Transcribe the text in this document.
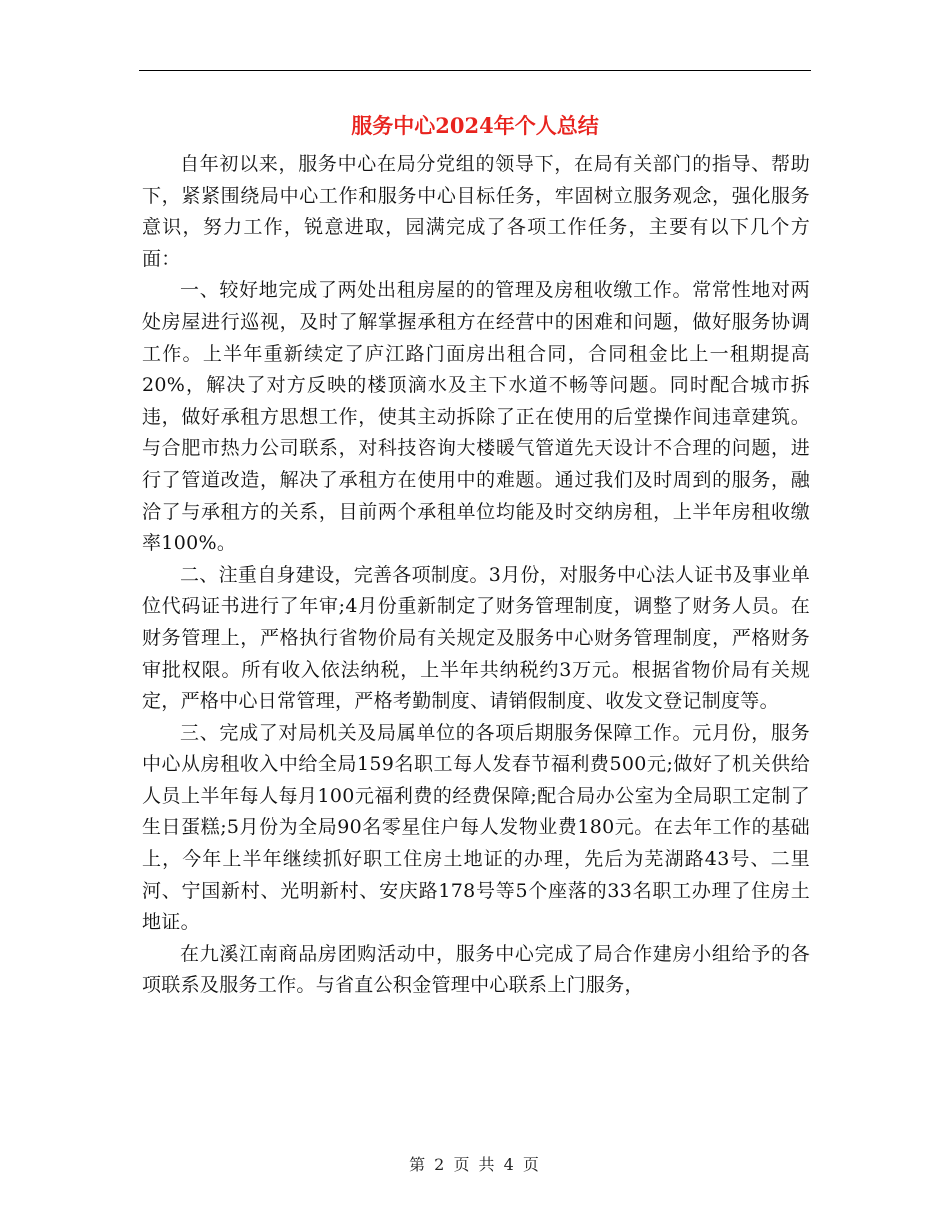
服务中心2024年个人总结

自年初以来，服务中心在局分党组的领导下，在局有关部门的指导、帮助下，紧紧围绕局中心工作和服务中心目标任务，牢固树立服务观念，强化服务意识，努力工作，锐意进取，园满完成了各项工作任务，主要有以下几个方面：

一、较好地完成了两处出租房屋的的管理及房租收缴工作。常常性地对两处房屋进行巡视，及时了解掌握承租方在经营中的困难和问题，做好服务协调工作。上半年重新续定了庐江路门面房出租合同，合同租金比上一租期提高20%，解决了对方反映的楼顶滴水及主下水道不畅等问题。同时配合城市拆违，做好承租方思想工作，使其主动拆除了正在使用的后堂操作间违章建筑。与合肥市热力公司联系，对科技咨询大楼暖气管道先天设计不合理的问题，进行了管道改造，解决了承租方在使用中的难题。通过我们及时周到的服务，融洽了与承租方的关系，目前两个承租单位均能及时交纳房租，上半年房租收缴率100%。

二、注重自身建设，完善各项制度。3月份，对服务中心法人证书及事业单位代码证书进行了年审;4月份重新制定了财务管理制度，调整了财务人员。在财务管理上，严格执行省物价局有关规定及服务中心财务管理制度，严格财务审批权限。所有收入依法纳税，上半年共纳税约3万元。根据省物价局有关规定，严格中心日常管理，严格考勤制度、请销假制度、收发文登记制度等。

三、完成了对局机关及局属单位的各项后期服务保障工作。元月份，服务中心从房租收入中给全局159名职工每人发春节福利费500元;做好了机关供给人员上半年每人每月100元福利费的经费保障;配合局办公室为全局职工定制了生日蛋糕;5月份为全局90名零星住户每人发物业费180元。在去年工作的基础上，今年上半年继续抓好职工住房土地证的办理，先后为芜湖路43号、二里河、宁国新村、光明新村、安庆路178号等5个座落的33名职工办理了住房土地证。

在九溪江南商品房团购活动中，服务中心完成了局合作建房小组给予的各项联系及服务工作。与省直公积金管理中心联系上门服务，

第 2 页 共 4 页
